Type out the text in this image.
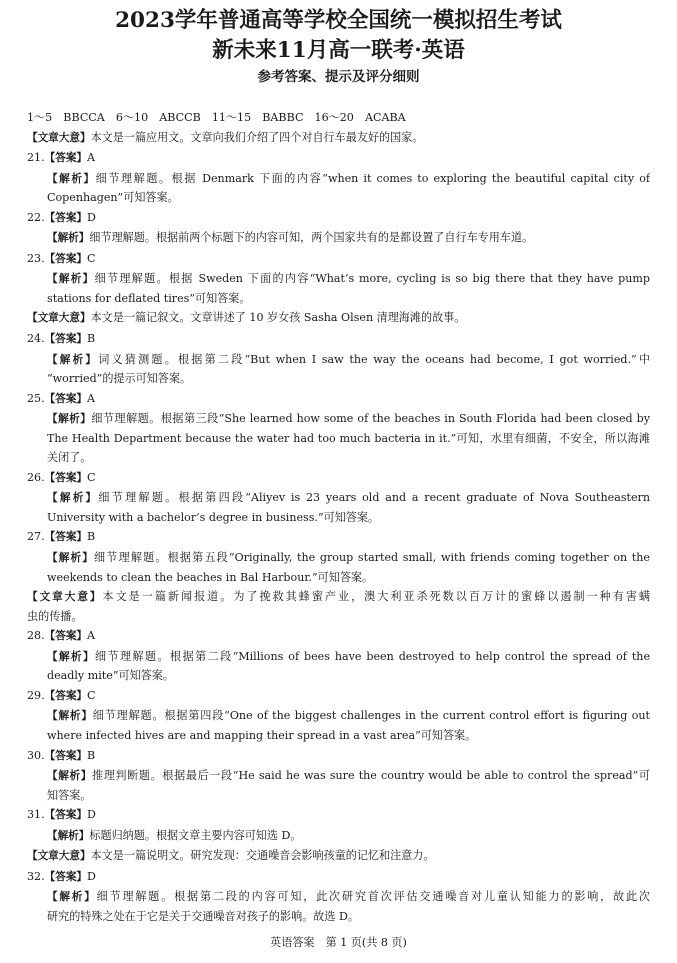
2023学年普通高等学校全国统一模拟招生考试
新未来11月高一联考·英语
参考答案、提示及评分细则
1～5　BBCCA　6～10　ABCCB　11～15　BABBC　16～20　ACABA
【文章大意】本文是一篇应用文。文章向我们介绍了四个对自行车最友好的国家。
21.【答案】A
【解析】细节理解题。根据 Denmark 下面的内容“when it comes to exploring the beautiful capital city of
Copenhagen”可知答案。
22.【答案】D
【解析】细节理解题。根据前两个标题下的内容可知，两个国家共有的是都设置了自行车专用车道。
23.【答案】C
【解析】细节理解题。根据 Sweden 下面的内容“What’s more, cycling is so big there that they have pump
stations for deflated tires”可知答案。
【文章大意】本文是一篇记叙文。文章讲述了 10 岁女孩 Sasha Olsen 清理海滩的故事。
24.【答案】B
【解析】词义猜测题。根据第二段“But when I saw the way the oceans had become, I got worried.”中
“worried”的提示可知答案。
25.【答案】A
【解析】细节理解题。根据第三段“She learned how some of the beaches in South Florida had been closed by
The Health Department because the water had too much bacteria in it.”可知，水里有细菌，不安全，所以海滩
关闭了。
26.【答案】C
【解析】细节理解题。根据第四段“Aliyev is 23 years old and a recent graduate of Nova Southeastern
University with a bachelor’s degree in business.”可知答案。
27.【答案】B
【解析】细节理解题。根据第五段“Originally, the group started small, with friends coming together on the
weekends to clean the beaches in Bal Harbour.”可知答案。
【文章大意】本文是一篇新闻报道。为了挽救其蜂蜜产业，澳大利亚杀死数以百万计的蜜蜂以遏制一种有害螨
虫的传播。
28.【答案】A
【解析】细节理解题。根据第二段“Millions of bees have been destroyed to help control the spread of the
deadly mite”可知答案。
29.【答案】C
【解析】细节理解题。根据第四段“One of the biggest challenges in the current control effort is figuring out
where infected hives are and mapping their spread in a vast area”可知答案。
30.【答案】B
【解析】推理判断题。根据最后一段“He said he was sure the country would be able to control the spread”可
知答案。
31.【答案】D
【解析】标题归纳题。根据文章主要内容可知选 D。
【文章大意】本文是一篇说明文。研究发现：交通噪音会影响孩童的记忆和注意力。
32.【答案】D
【解析】细节理解题。根据第二段的内容可知，此次研究首次评估交通噪音对儿童认知能力的影响，故此次
研究的特殊之处在于它是关于交通噪音对孩子的影响。故选 D。
英语答案　第 1 页(共 8 页)
